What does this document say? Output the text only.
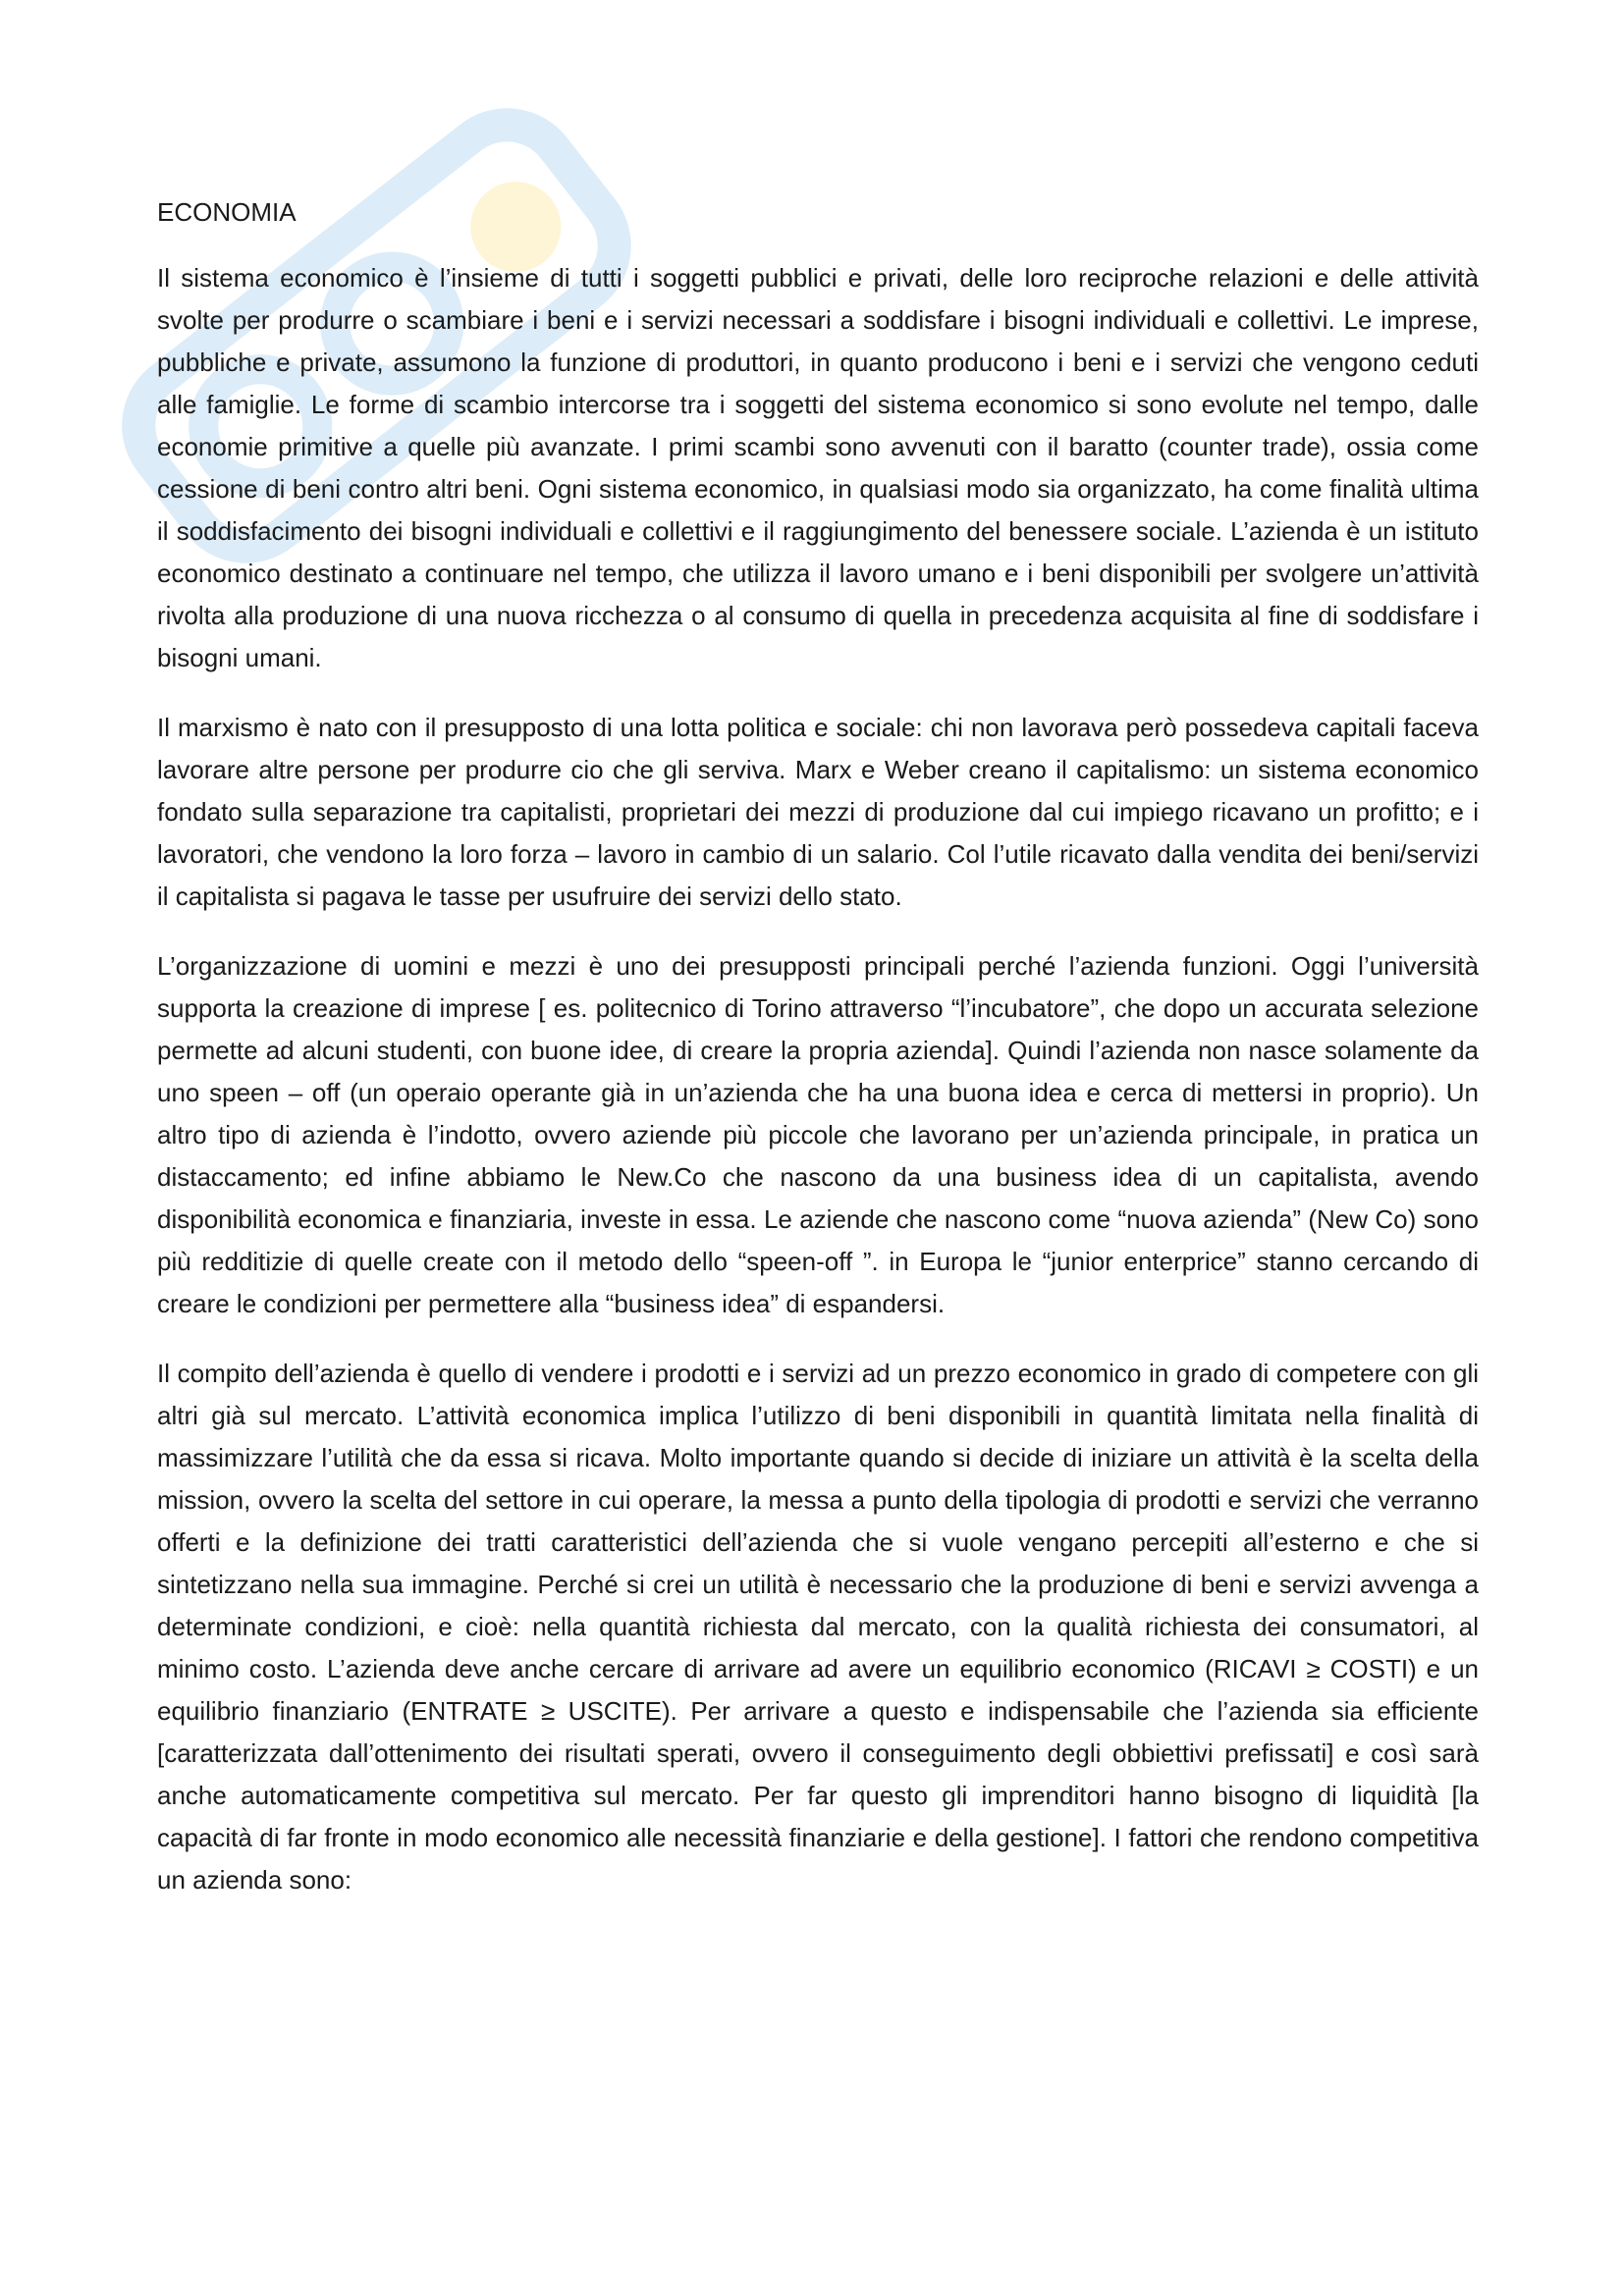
ECONOMIA

Il sistema economico è l’insieme di tutti i soggetti pubblici e privati, delle loro reciproche relazioni e delle attività svolte per produrre o scambiare i beni e i servizi necessari a soddisfare i bisogni individuali e collettivi. Le imprese, pubbliche e private, assumono la funzione di produttori, in quanto producono i beni e i servizi che vengono ceduti alle famiglie. Le forme di scambio intercorse tra i soggetti del sistema economico si sono evolute nel tempo, dalle economie primitive a quelle più avanzate. I primi scambi sono avvenuti con il baratto (counter trade), ossia come cessione di beni contro altri beni. Ogni sistema economico, in qualsiasi modo sia organizzato, ha come finalità ultima il soddisfacimento dei bisogni individuali e collettivi e il raggiungimento del benessere sociale. L’azienda è un istituto economico destinato a continuare nel tempo, che utilizza il lavoro umano e i beni disponibili per svolgere un’attività rivolta alla produzione di una nuova ricchezza o al consumo di quella in precedenza acquisita al fine di soddisfare i bisogni umani.

Il marxismo è nato con il presupposto di una lotta politica e sociale: chi non lavorava però possedeva capitali faceva lavorare altre persone per produrre cio che gli serviva. Marx e Weber creano il capitalismo: un sistema economico fondato sulla separazione tra capitalisti, proprietari dei mezzi di produzione dal cui impiego ricavano un profitto; e i lavoratori, che vendono la loro forza – lavoro in cambio di un salario. Col l’utile ricavato dalla vendita dei beni/servizi il capitalista si pagava le tasse per usufruire dei servizi dello stato.

L’organizzazione di uomini e mezzi è uno dei presupposti principali perché l’azienda funzioni. Oggi l’università supporta la creazione di imprese [ es. politecnico di Torino attraverso “l’incubatore”, che dopo un accurata selezione permette ad alcuni studenti, con buone idee, di creare la propria azienda]. Quindi l’azienda non nasce solamente da uno speen – off (un operaio operante già in un’azienda che ha una buona idea e cerca di mettersi in proprio). Un altro tipo di azienda è l’indotto, ovvero aziende più piccole che lavorano per un’azienda principale, in pratica un distaccamento; ed infine abbiamo le New.Co che nascono da una business idea di un capitalista, avendo disponibilità economica e finanziaria, investe in essa. Le aziende che nascono come “nuova azienda” (New Co) sono più redditizie di quelle create con il metodo dello “speen-off ”. in Europa le “junior enterprice” stanno cercando di creare le condizioni per permettere alla “business idea” di espandersi.

Il compito dell’azienda è quello di vendere i prodotti e i servizi ad un prezzo economico in grado di competere con gli altri già sul mercato. L’attività economica implica l’utilizzo di beni disponibili in quantità limitata nella finalità di massimizzare l’utilità che da essa si ricava. Molto importante quando si decide di iniziare un attività è la scelta della mission, ovvero la scelta del settore in cui operare, la messa a punto della tipologia di prodotti e servizi che verranno offerti e la definizione dei tratti caratteristici dell’azienda che si vuole vengano percepiti all’esterno e che si sintetizzano nella sua immagine. Perché si crei un utilità è necessario che la produzione di beni e servizi avvenga a determinate condizioni, e cioè: nella quantità richiesta dal mercato, con la qualità richiesta dei consumatori, al minimo costo. L’azienda deve anche cercare di arrivare ad avere un equilibrio economico (RICAVI ≥ COSTI) e un equilibrio finanziario (ENTRATE ≥ USCITE). Per arrivare a questo e indispensabile che l’azienda sia efficiente [caratterizzata dall’ottenimento dei risultati sperati, ovvero il conseguimento degli obbiettivi prefissati] e così sarà anche automaticamente competitiva sul mercato. Per far questo gli imprenditori hanno bisogno di liquidità [la capacità di far fronte in modo economico alle necessità finanziarie e della gestione]. I fattori che rendono competitiva un azienda sono:
